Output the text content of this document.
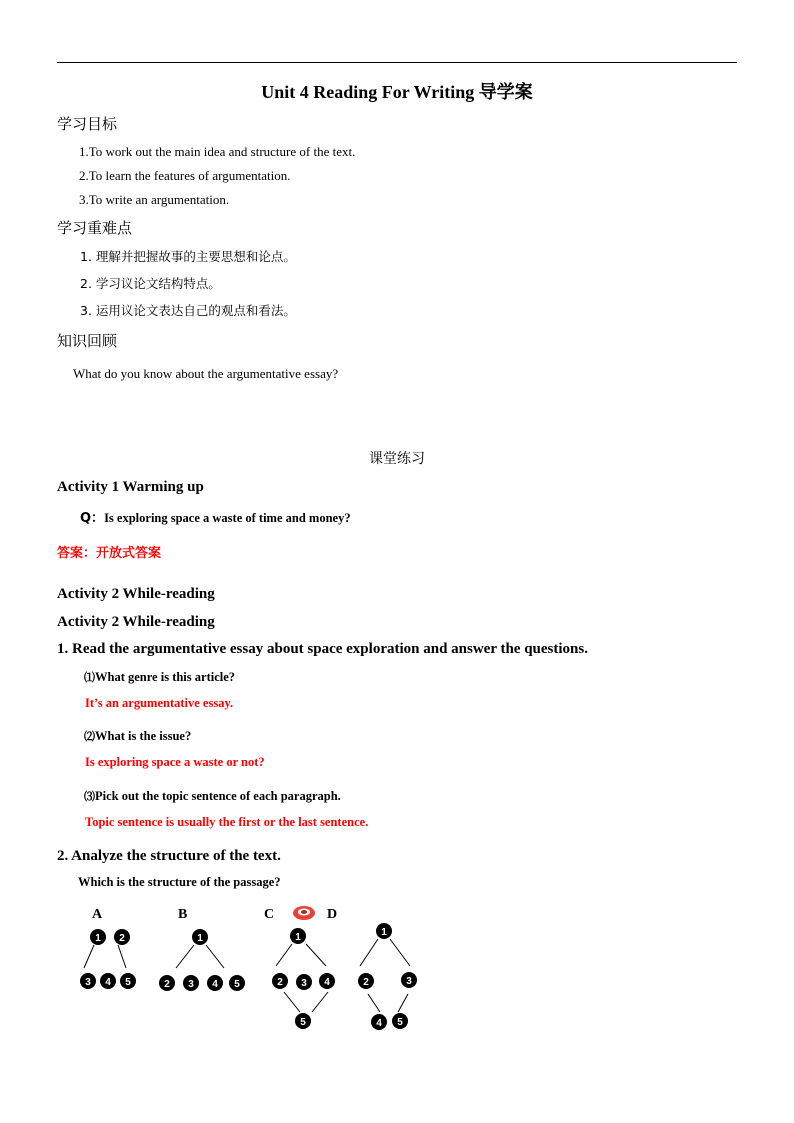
Unit 4 Reading For Writing 导学案
学习目标
1.To work out the main idea and structure of the text.
2.To learn the features of argumentation.
3.To write an argumentation.
学习重难点
1. 理解并把握故事的主要思想和论点。
2. 学习议论文结构特点。
3. 运用议论文表达自己的观点和看法。
知识回顾
What do you know about the argumentative essay?
课堂练习
Activity 1 Warming up
Q：Is exploring space a waste of time and money?
答案：开放式答案
Activity 2 While-reading
Activity 2 While-reading
1. Read the argumentative essay about space exploration and answer the questions.
⑴What genre is this article?
It’s an argumentative essay.
⑵What is the issue?
Is exploring space a waste or not?
⑶Pick out the topic sentence of each paragraph.
Topic sentence is usually the first or the last sentence.
2. Analyze the structure of the text.
Which is the structure of the passage?
A	B	C	D
1 2
3 4 5
1
2 3 4 5
1
2 3 4
5
1
2	3
4 5
